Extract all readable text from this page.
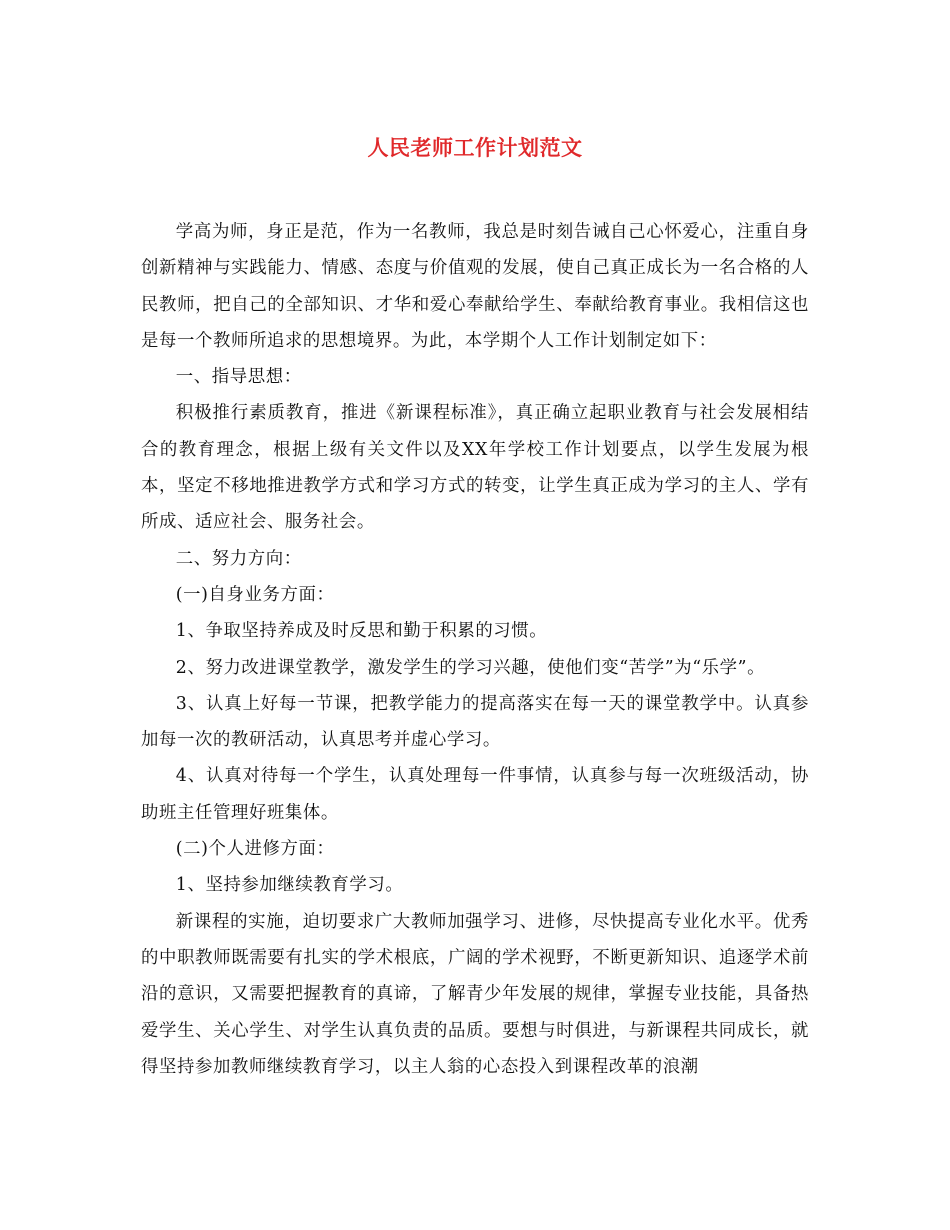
人民老师工作计划范文

学高为师，身正是范，作为一名教师，我总是时刻告诫自己心怀爱心，注重自身创新精神与实践能力、情感、态度与价值观的发展，使自己真正成长为一名合格的人民教师，把自己的全部知识、才华和爱心奉献给学生、奉献给教育事业。我相信这也是每一个教师所追求的思想境界。为此，本学期个人工作计划制定如下：

一、指导思想：

积极推行素质教育，推进《新课程标准》，真正确立起职业教育与社会发展相结合的教育理念，根据上级有关文件以及XX年学校工作计划要点，以学生发展为根本，坚定不移地推进教学方式和学习方式的转变，让学生真正成为学习的主人、学有所成、适应社会、服务社会。

二、努力方向：

(一)自身业务方面：

1、争取坚持养成及时反思和勤于积累的习惯。

2、努力改进课堂教学，激发学生的学习兴趣，使他们变“苦学”为“乐学”。

3、认真上好每一节课，把教学能力的提高落实在每一天的课堂教学中。认真参加每一次的教研活动，认真思考并虚心学习。

4、认真对待每一个学生，认真处理每一件事情，认真参与每一次班级活动，协助班主任管理好班集体。

(二)个人进修方面：

1、坚持参加继续教育学习。

新课程的实施，迫切要求广大教师加强学习、进修，尽快提高专业化水平。优秀的中职教师既需要有扎实的学术根底，广阔的学术视野，不断更新知识、追逐学术前沿的意识，又需要把握教育的真谛，了解青少年发展的规律，掌握专业技能，具备热爱学生、关心学生、对学生认真负责的品质。要想与时俱进，与新课程共同成长，就得坚持参加教师继续教育学习，以主人翁的心态投入到课程改革的浪潮
